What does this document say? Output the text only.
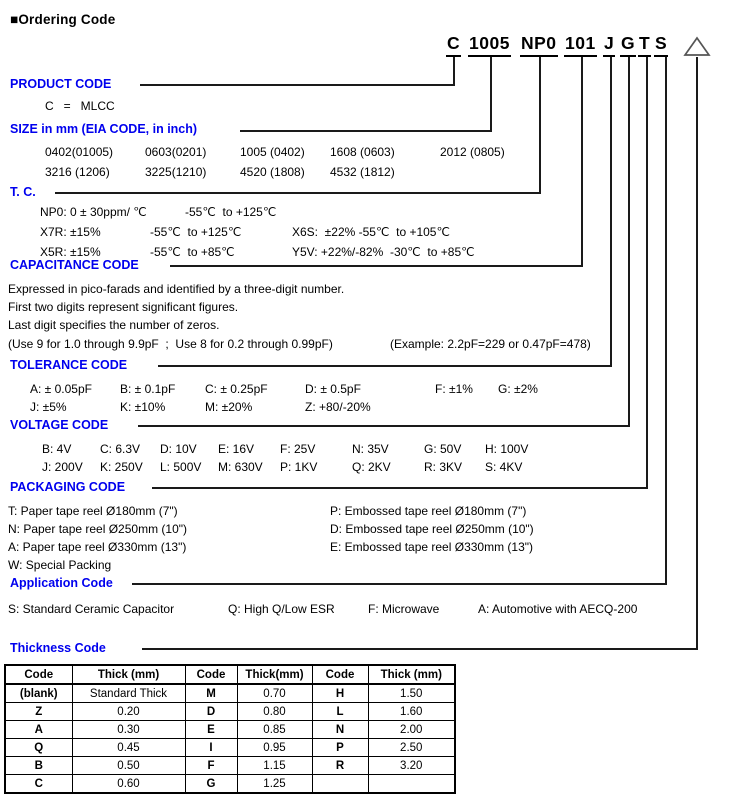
■Ordering Code
C 1005 NP0 101 J G T S
PRODUCT CODE
C   =   MLCC
SIZE in mm (EIA CODE, in inch)
0402(01005)	0603(0201)	1005 (0402) 1608 (0603)	2012 (0805)
3216 (1206)	3225(1210)	4520 (1808) 4532 (1812)
T. C.
NP0: 0 ± 30ppm/ ℃	-55℃  to +125℃
X7R: ±15%	-55℃  to +125℃	X6S:  ±22% -55℃  to +105℃
X5R: ±15%	-55℃  to +85℃	Y5V: +22%/-82%  -30℃  to +85℃
CAPACITANCE CODE
Expressed in pico-farads and identified by a three-digit number.
First two digits represent significant figures.
Last digit specifies the number of zeros.
(Use 9 for 1.0 through 9.9pF  ;  Use 8 for 0.2 through 0.99pF)	(Example: 2.2pF=229 or 0.47pF=478)
TOLERANCE CODE
A: ± 0.05pF B: ± 0.1pF C: ± 0.25pF	D: ± 0.5pF	F: ±1% G: ±2%
J: ±5%	K: ±10%	M: ±20%	Z: +80/-20%
VOLTAGE CODE
B: 4V C: 6.3V D: 10V E: 16V F: 25V	N: 35V	G: 50V H: 100V
J: 200V K: 250V L: 500V M: 630V P: 1KV	Q: 2KV	R: 3KV S: 4KV
PACKAGING CODE
T: Paper tape reel Ø180mm (7")
N: Paper tape reel Ø250mm (10")
A: Paper tape reel Ø330mm (13")
W: Special Packing
P: Embossed tape reel Ø180mm (7")
D: Embossed tape reel Ø250mm (10")
E: Embossed tape reel Ø330mm (13")
Application Code
S: Standard Ceramic Capacitor	Q: High Q/Low ESR	F: Microwave	A: Automotive with AECQ-200
Thickness Code
Code	Thick (mm)	Code	Thick(mm)	Code	Thick (mm)
(blank)	Standard Thick	M	0.70	H	1.50
Z	0.20	D	0.80	L	1.60
A	0.30	E	0.85	N	2.00
Q	0.45	I	0.95	P	2.50
B	0.50	F	1.15	R	3.20
C	0.60	G	1.25		
